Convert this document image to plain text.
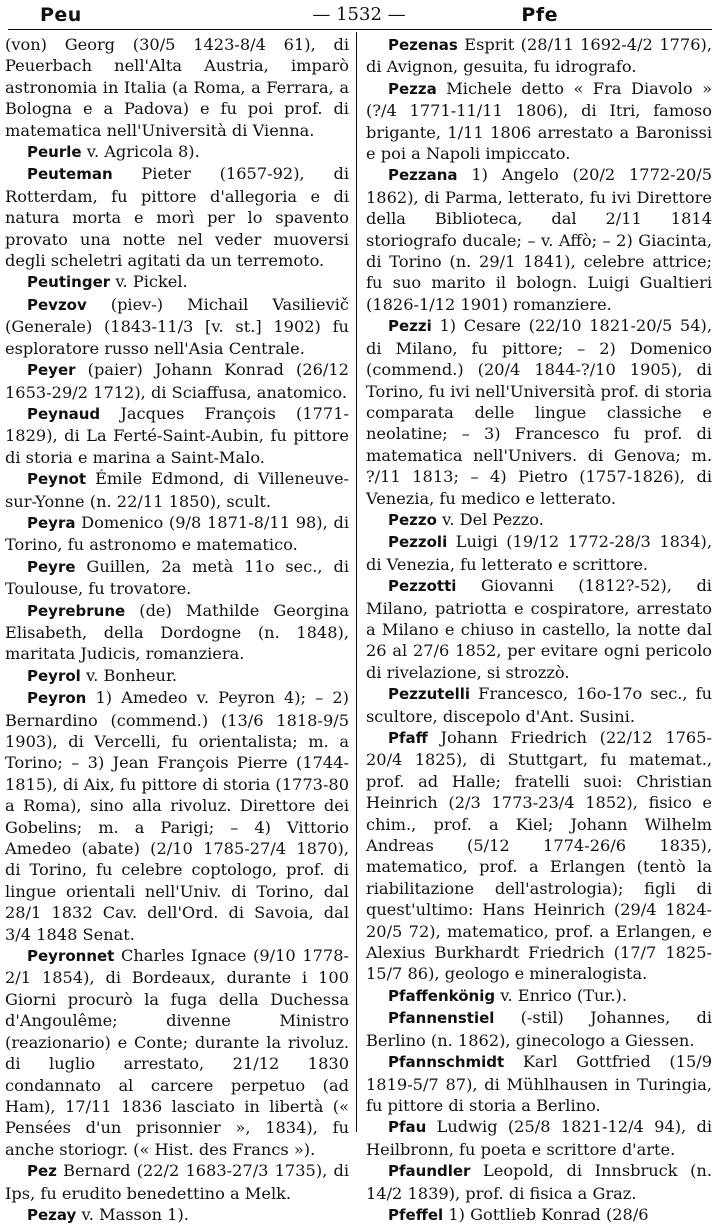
Peu	— 1532 —	Pfe

(von) Georg (30/5 1423-8/4 61), di Peuerbach nell'Alta Austria, imparò astronomia in Italia (a Roma, a Ferrara, a Bologna e a Padova) e fu poi prof. di matematica nell'Università di Vienna.

Peurle v. Agricola 8).

Peuteman Pieter (1657-92), di Rotterdam, fu pittore d'allegoria e di natura morta e morì per lo spavento provato una notte nel veder muoversi degli scheletri agitati da un terremoto.

Peutinger v. Pickel.

Pevzov (piev-) Michail Vasilievič (Generale) (1843-11/3 [v. st.] 1902) fu esploratore russo nell'Asia Centrale.

Peyer (paier) Johann Konrad (26/12 1653-29/2 1712), di Sciaffusa, anatomico.

Peynaud Jacques François (1771-1829), di La Ferté-Saint-Aubin, fu pittore di storia e marina a Saint-Malo.

Peynot Émile Edmond, di Villeneuve-sur-Yonne (n. 22/11 1850), scult.

Peyra Domenico (9/8 1871-8/11 98), di Torino, fu astronomo e matematico.

Peyre Guillen, 2a metà 11o sec., di Toulouse, fu trovatore.

Peyrebrune (de) Mathilde Georgina Elisabeth, della Dordogne (n. 1848), maritata Judicis, romanziera.

Peyrol v. Bonheur.

Peyron 1) Amedeo v. Peyron 4); – 2) Bernardino (commend.) (13/6 1818-9/5 1903), di Vercelli, fu orientalista; m. a Torino; – 3) Jean François Pierre (1744-1815), di Aix, fu pittore di storia (1773-80 a Roma), sino alla rivoluz. Direttore dei Gobelins; m. a Parigi; – 4) Vittorio Amedeo (abate) (2/10 1785-27/4 1870), di Torino, fu celebre coptologo, prof. di lingue orientali nell'Univ. di Torino, dal 28/1 1832 Cav. dell'Ord. di Savoia, dal 3/4 1848 Senat.

Peyronnet Charles Ignace (9/10 1778-2/1 1854), di Bordeaux, durante i 100 Giorni procurò la fuga della Duchessa d'Angoulême; divenne Ministro (reazionario) e Conte; durante la rivoluz. di luglio arrestato, 21/12 1830 condannato al carcere perpetuo (ad Ham), 17/11 1836 lasciato in libertà (« Pensées d'un prisonnier », 1834), fu anche storiogr. (« Hist. des Francs »).

Pez Bernard (22/2 1683-27/3 1735), di Ips, fu erudito benedettino a Melk.

Pezay v. Masson 1).

Pezenas Esprit (28/11 1692-4/2 1776), di Avignon, gesuita, fu idrografo.

Pezza Michele detto « Fra Diavolo » (?/4 1771-11/11 1806), di Itri, famoso brigante, 1/11 1806 arrestato a Baronissi e poi a Napoli impiccato.

Pezzana 1) Angelo (20/2 1772-20/5 1862), di Parma, letterato, fu ivi Direttore della Biblioteca, dal 2/11 1814 storiografo ducale; – v. Affò; – 2) Giacinta, di Torino (n. 29/1 1841), celebre attrice; fu suo marito il bologn. Luigi Gualtieri (1826-1/12 1901) romanziere.

Pezzi 1) Cesare (22/10 1821-20/5 54), di Milano, fu pittore; – 2) Domenico (commend.) (20/4 1844-?/10 1905), di Torino, fu ivi nell'Università prof. di storia comparata delle lingue classiche e neolatine; – 3) Francesco fu prof. di matematica nell'Univers. di Genova; m. ?/11 1813; – 4) Pietro (1757-1826), di Venezia, fu medico e letterato.

Pezzo v. Del Pezzo.

Pezzoli Luigi (19/12 1772-28/3 1834), di Venezia, fu letterato e scrittore.

Pezzotti Giovanni (1812?-52), di Milano, patriotta e cospiratore, arrestato a Milano e chiuso in castello, la notte dal 26 al 27/6 1852, per evitare ogni pericolo di rivelazione, si strozzò.

Pezzutelli Francesco, 16o-17o sec., fu scultore, discepolo d'Ant. Susini.

Pfaff Johann Friedrich (22/12 1765-20/4 1825), di Stuttgart, fu matemat., prof. ad Halle; fratelli suoi: Christian Heinrich (2/3 1773-23/4 1852), fisico e chim., prof. a Kiel; Johann Wilhelm Andreas (5/12 1774-26/6 1835), matematico, prof. a Erlangen (tentò la riabilitazione dell'astrologia); figli di quest'ultimo: Hans Heinrich (29/4 1824-20/5 72), matematico, prof. a Erlangen, e Alexius Burkhardt Friedrich (17/7 1825-15/7 86), geologo e mineralogista.

Pfaffenkönig v. Enrico (Tur.).

Pfannenstiel (-stil) Johannes, di Berlino (n. 1862), ginecologo a Giessen.

Pfannschmidt Karl Gottfried (15/9 1819-5/7 87), di Mühlhausen in Turingia, fu pittore di storia a Berlino.

Pfau Ludwig (25/8 1821-12/4 94), di Heilbronn, fu poeta e scrittore d'arte.

Pfaundler Leopold, di Innsbruck (n. 14/2 1839), prof. di fisica a Graz.

Pfeffel 1) Gottlieb Konrad (28/6
